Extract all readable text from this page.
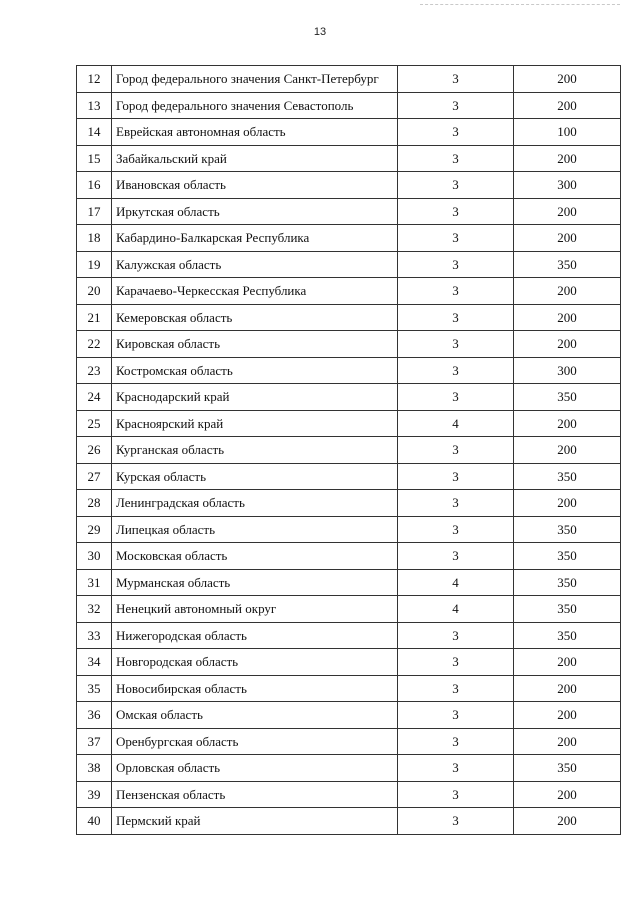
13
12	Город федерального значения Санкт-Петербург	3	200
13	Город федерального значения Севастополь	3	200
14	Еврейская автономная область	3	100
15	Забайкальский край	3	200
16	Ивановская область	3	300
17	Иркутская область	3	200
18	Кабардино-Балкарская Республика	3	200
19	Калужская область	3	350
20	Карачаево-Черкесская Республика	3	200
21	Кемеровская область	3	200
22	Кировская область	3	200
23	Костромская область	3	300
24	Краснодарский край	3	350
25	Красноярский край	4	200
26	Курганская область	3	200
27	Курская область	3	350
28	Ленинградская область	3	200
29	Липецкая область	3	350
30	Московская область	3	350
31	Мурманская область	4	350
32	Ненецкий автономный округ	4	350
33	Нижегородская область	3	350
34	Новгородская область	3	200
35	Новосибирская область	3	200
36	Омская область	3	200
37	Оренбургская область	3	200
38	Орловская область	3	350
39	Пензенская область	3	200
40	Пермский край	3	200
